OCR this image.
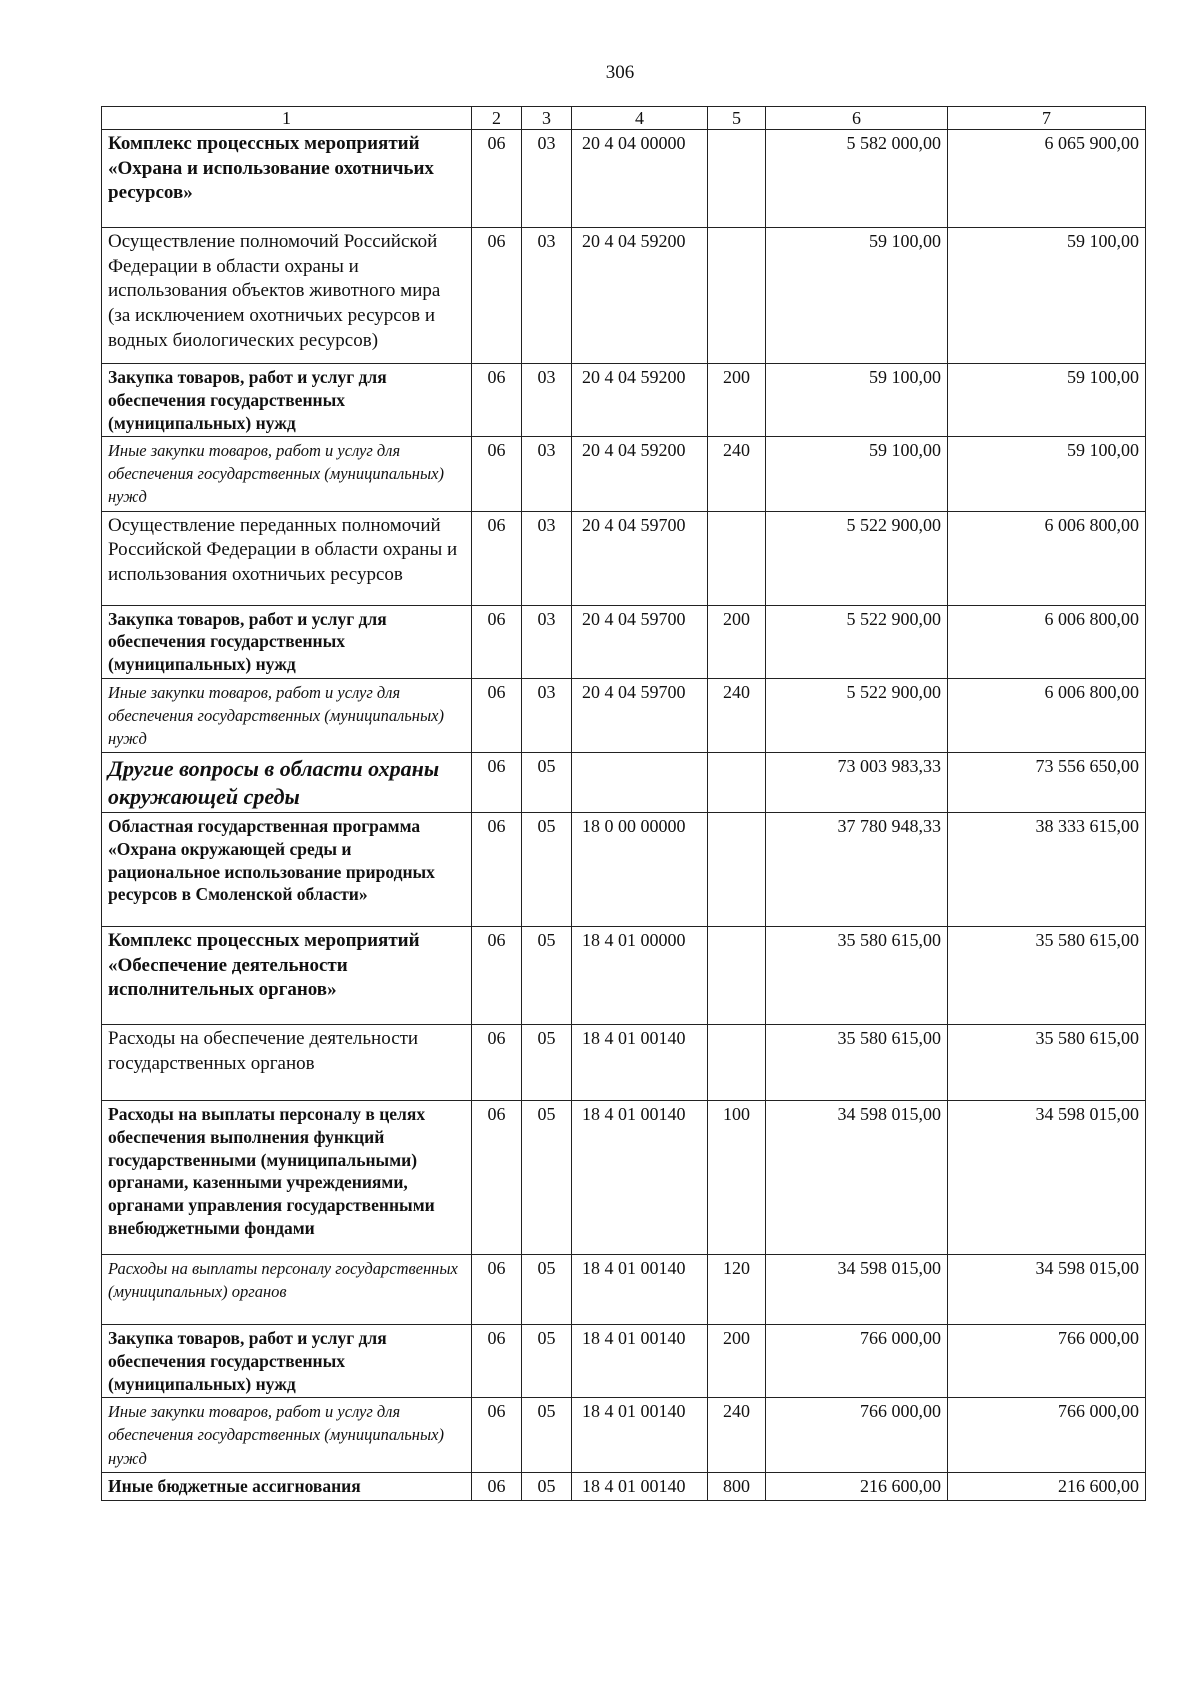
306
1	2	3	4	5	6	7
Комплекс процессных мероприятий «Охрана и использование охотничьих ресурсов»	06	03	20 4 04 00000		5 582 000,00	6 065 900,00
Осуществление полномочий Российской Федерации в области охраны и использования объектов животного мира (за исключением охотничьих ресурсов и водных биологических ресурсов)	06	03	20 4 04 59200		59 100,00	59 100,00
Закупка товаров, работ и услуг для обеспечения государственных (муниципальных) нужд	06	03	20 4 04 59200	200	59 100,00	59 100,00
Иные закупки товаров, работ и услуг для обеспечения государственных (муниципальных) нужд	06	03	20 4 04 59200	240	59 100,00	59 100,00
Осуществление переданных полномочий Российской Федерации в области охраны и использования охотничьих ресурсов	06	03	20 4 04 59700		5 522 900,00	6 006 800,00
Закупка товаров, работ и услуг для обеспечения государственных (муниципальных) нужд	06	03	20 4 04 59700	200	5 522 900,00	6 006 800,00
Иные закупки товаров, работ и услуг для обеспечения государственных (муниципальных) нужд	06	03	20 4 04 59700	240	5 522 900,00	6 006 800,00
Другие вопросы в области охраны окружающей среды	06	05			73 003 983,33	73 556 650,00
Областная государственная программа «Охрана окружающей среды и рациональное использование природных ресурсов в Смоленской области»	06	05	18 0 00 00000		37 780 948,33	38 333 615,00
Комплекс процессных мероприятий «Обеспечение деятельности исполнительных органов»	06	05	18 4 01 00000		35 580 615,00	35 580 615,00
Расходы на обеспечение деятельности государственных органов	06	05	18 4 01 00140		35 580 615,00	35 580 615,00
Расходы на выплаты персоналу в целях обеспечения выполнения функций государственными (муниципальными) органами, казенными учреждениями, органами управления государственными внебюджетными фондами	06	05	18 4 01 00140	100	34 598 015,00	34 598 015,00
Расходы на выплаты персоналу государственных (муниципальных) органов	06	05	18 4 01 00140	120	34 598 015,00	34 598 015,00
Закупка товаров, работ и услуг для обеспечения государственных (муниципальных) нужд	06	05	18 4 01 00140	200	766 000,00	766 000,00
Иные закупки товаров, работ и услуг для обеспечения государственных (муниципальных) нужд	06	05	18 4 01 00140	240	766 000,00	766 000,00
Иные бюджетные ассигнования	06	05	18 4 01 00140	800	216 600,00	216 600,00
